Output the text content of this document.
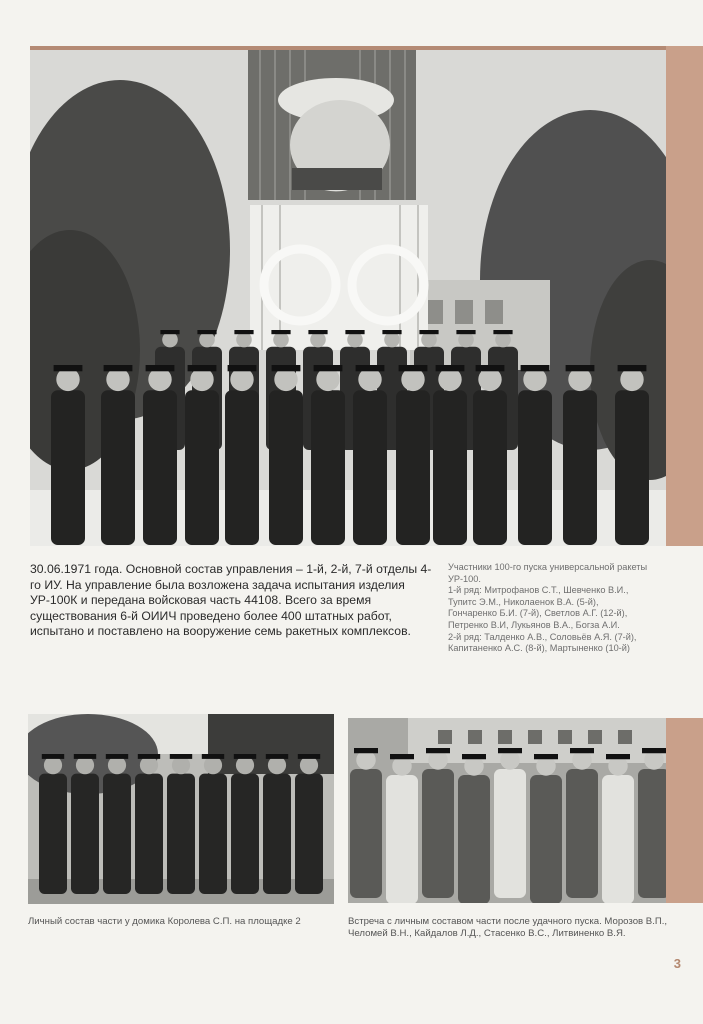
30.06.1971 года. Основной состав управления – 1-й, 2-й, 7-й отделы 4-го ИУ. На управление была возложена задача испытания изделия УР-100К и передана войсковая часть 44108. Всего за время существования 6-й ОИИЧ проведено более 400 штатных работ, испытано и поставлено на вооружение семь ракетных комплексов.
Участники 100-го пуска универсальной ракеты
УР-100.
1-й ряд: Митрофанов С.Т., Шевченко В.И.,
Тупитс Э.М., Николаенок В.А. (5-й),
Гончаренко Б.И. (7-й), Светлов А.Г. (12-й),
Петренко В.И, Лукьянов В.А., Богза А.И.
2-й ряд: Талденко А.В., Соловьёв А.Я. (7-й),
Капитаненко А.С. (8-й), Мартыненко (10-й)
Личный состав части у домика Королева С.П. на площадке 2	Встреча с личным составом части после удачного пуска. Морозов В.П., Челомей В.Н., Кайдалов Л.Д., Стасенко В.С., Литвиненко В.Я.
3
